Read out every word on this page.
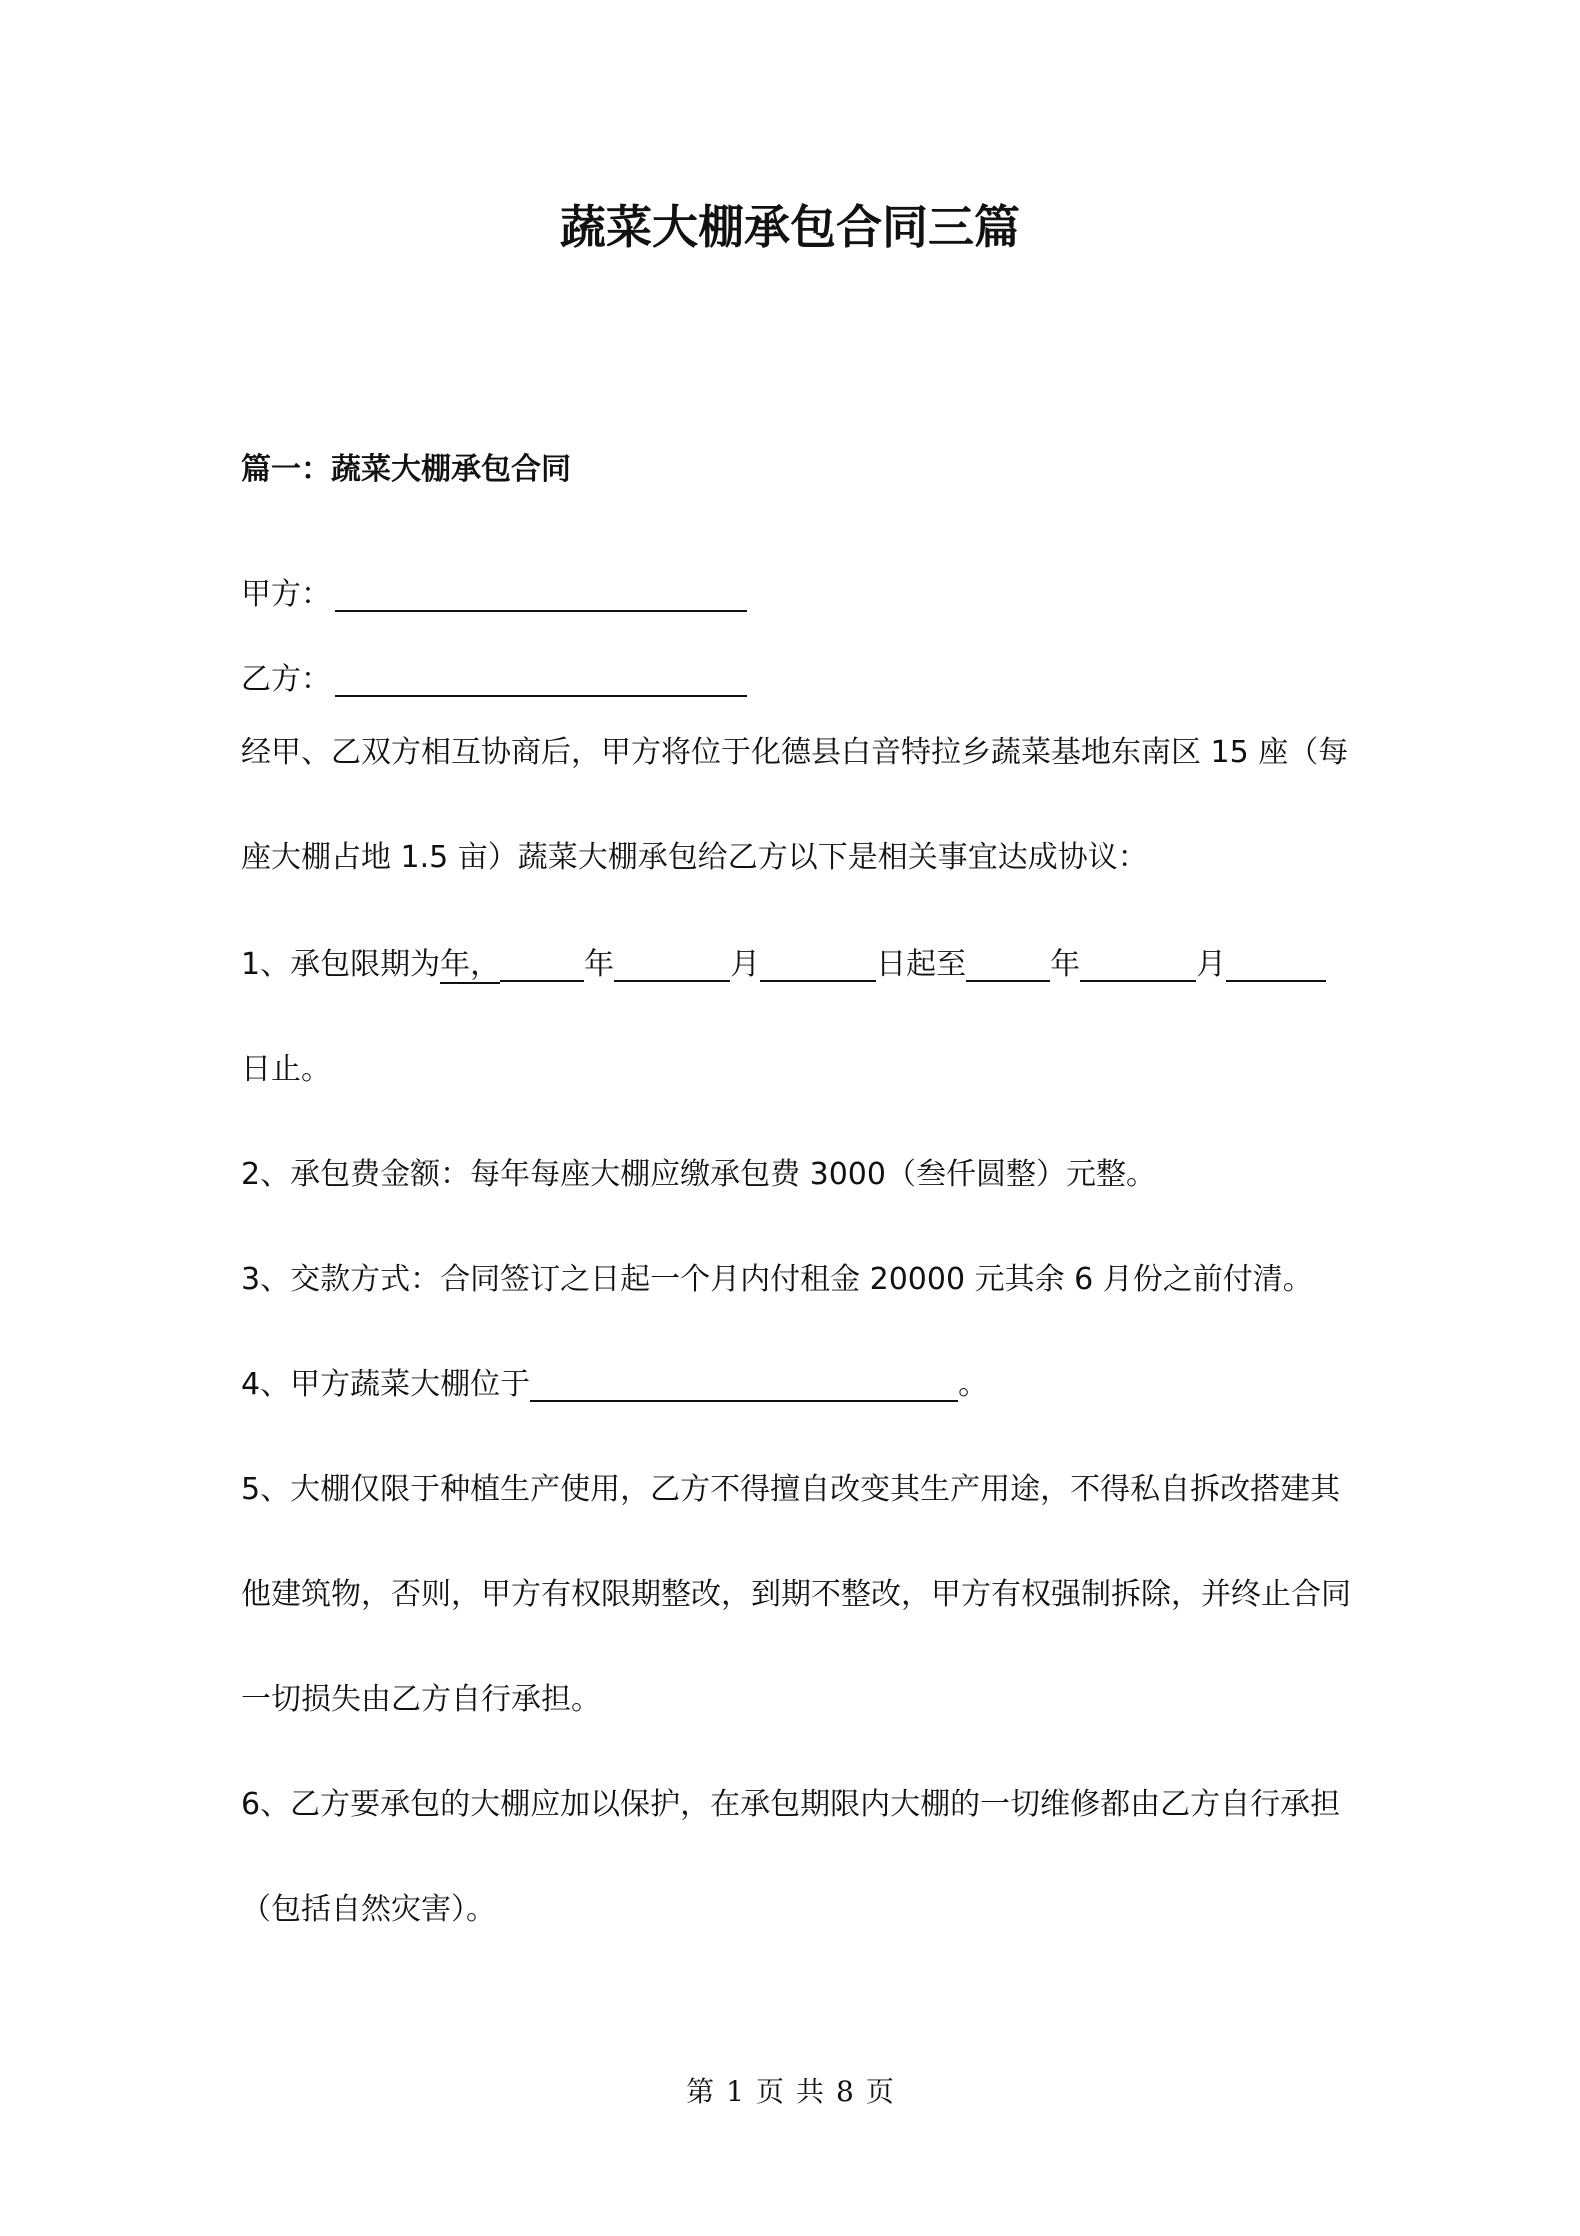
蔬菜大棚承包合同三篇
篇一：蔬菜大棚承包合同
甲方：
乙方：
经甲、乙双方相互协商后，甲方将位于化德县白音特拉乡蔬菜基地东南区 15 座（每
座大棚占地 1.5 亩）蔬菜大棚承包给乙方以下是相关事宜达成协议：
1、承包限期为年，	年	月	日起至	年	月
日止。
2、承包费金额：每年每座大棚应缴承包费 3000（叁仟圆整）元整。
3、交款方式：合同签订之日起一个月内付租金 20000 元其余 6 月份之前付清。
4、甲方蔬菜大棚位于	。
5、大棚仅限于种植生产使用，乙方不得擅自改变其生产用途，不得私自拆改搭建其
他建筑物，否则，甲方有权限期整改，到期不整改，甲方有权强制拆除，并终止合同
一切损失由乙方自行承担。
6、乙方要承包的大棚应加以保护，在承包期限内大棚的一切维修都由乙方自行承担
（包括自然灾害）。
第 1 页 共 8 页
